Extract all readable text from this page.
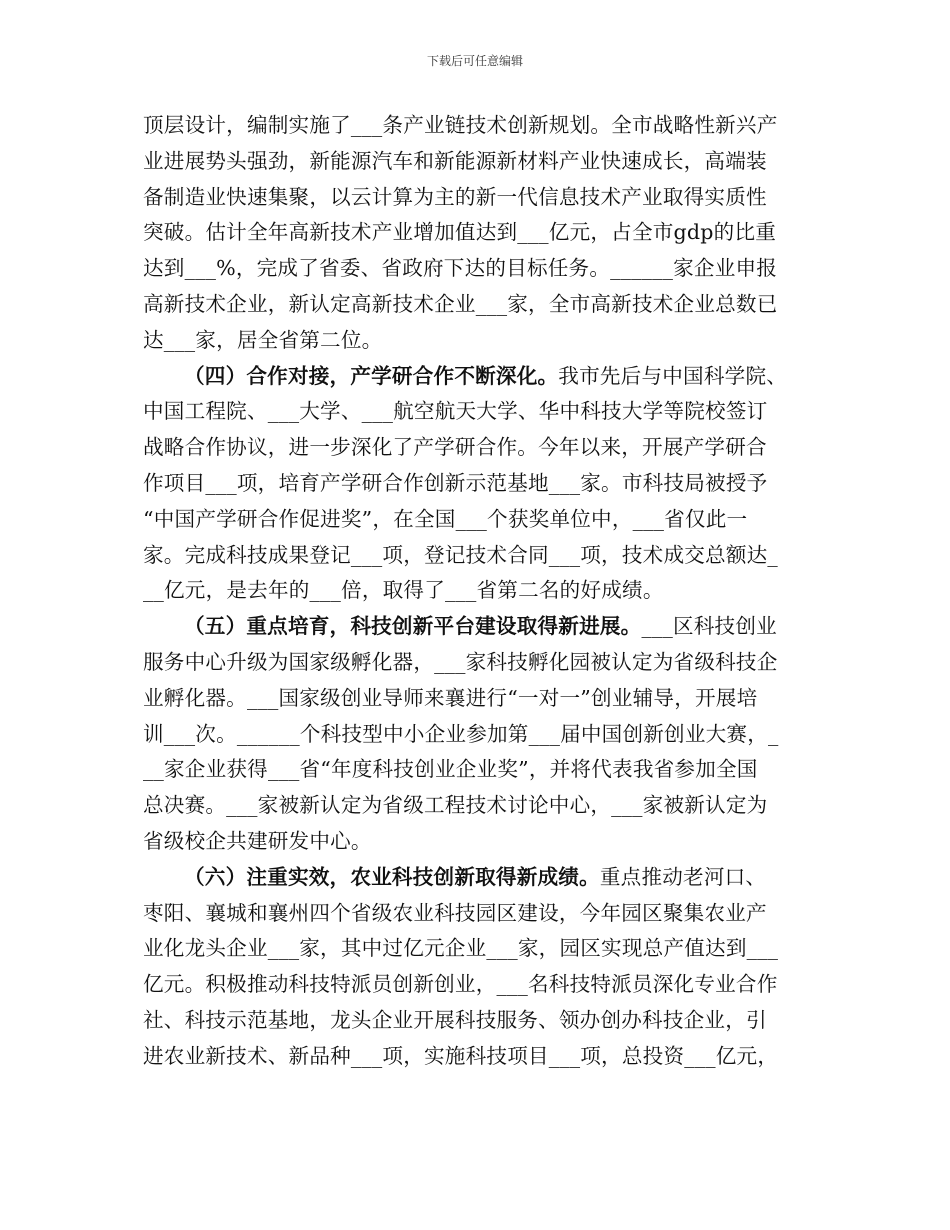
下载后可任意编辑
顶层设计，编制实施了___条产业链技术创新规划。全市战略性新兴产
业进展势头强劲，新能源汽车和新能源新材料产业快速成长，高端装
备制造业快速集聚，以云计算为主的新一代信息技术产业取得实质性
突破。估计全年高新技术产业增加值达到___亿元，占全市gdp的比重
达到___%，完成了省委、省政府下达的目标任务。______家企业申报
高新技术企业，新认定高新技术企业___家，全市高新技术企业总数已
达___家，居全省第二位。
（四）合作对接，产学研合作不断深化。我市先后与中国科学院、
中国工程院、___大学、___航空航天大学、华中科技大学等院校签订
战略合作协议，进一步深化了产学研合作。今年以来，开展产学研合
作项目___项，培育产学研合作创新示范基地___家。市科技局被授予
“中国产学研合作促进奖”，在全国___个获奖单位中，___省仅此一
家。完成科技成果登记___项，登记技术合同___项，技术成交总额达_
__亿元，是去年的___倍，取得了___省第二名的好成绩。
（五）重点培育，科技创新平台建设取得新进展。___区科技创业
服务中心升级为国家级孵化器，___家科技孵化园被认定为省级科技企
业孵化器。___国家级创业导师来襄进行“一对一”创业辅导，开展培
训___次。______个科技型中小企业参加第___届中国创新创业大赛，_
__家企业获得___省“年度科技创业企业奖”，并将代表我省参加全国
总决赛。___家被新认定为省级工程技术讨论中心，___家被新认定为
省级校企共建研发中心。
（六）注重实效，农业科技创新取得新成绩。重点推动老河口、
枣阳、襄城和襄州四个省级农业科技园区建设，今年园区聚集农业产
业化龙头企业___家，其中过亿元企业___家，园区实现总产值达到___
亿元。积极推动科技特派员创新创业，___名科技特派员深化专业合作
社、科技示范基地，龙头企业开展科技服务、领办创办科技企业，引
进农业新技术、新品种___项，实施科技项目___项，总投资___亿元，
